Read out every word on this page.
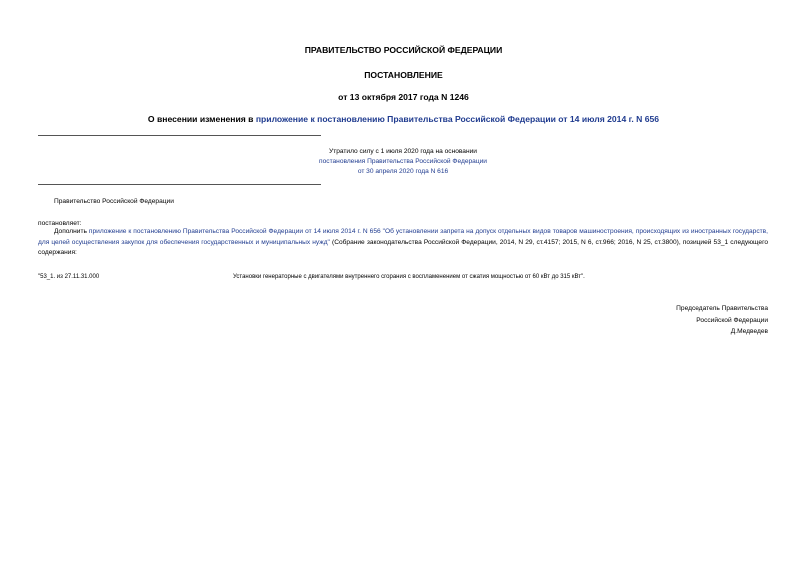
ПРАВИТЕЛЬСТВО РОССИЙСКОЙ ФЕДЕРАЦИИ
ПОСТАНОВЛЕНИЕ
от 13 октября 2017 года N 1246
О внесении изменения в приложение к постановлению Правительства Российской Федерации от 14 июля 2014 г. N 656
Утратило силу с 1 июля 2020 года на основании
постановления Правительства Российской Федерации
от 30 апреля 2020 года N 616
Правительство Российской Федерации
постановляет:
Дополнить приложение к постановлению Правительства Российской Федерации от 14 июля 2014 г. N 656 "Об установлении запрета на допуск отдельных видов товаров машиностроения, происходящих из иностранных государств, для целей осуществления закупок для обеспечения государственных и муниципальных нужд" (Собрание законодательства Российской Федерации, 2014, N 29, ст.4157; 2015, N 6, ст.966; 2016, N 25, ст.3800), позицией 53_1 следующего содержания:
"53_1. из 27.11.31.000	Установки генераторные с двигателями внутреннего сгорания с воспламенением от сжатия мощностью от 60 кВт до 315 кВт".
Председатель Правительства
Российской Федерации
Д.Медведев
